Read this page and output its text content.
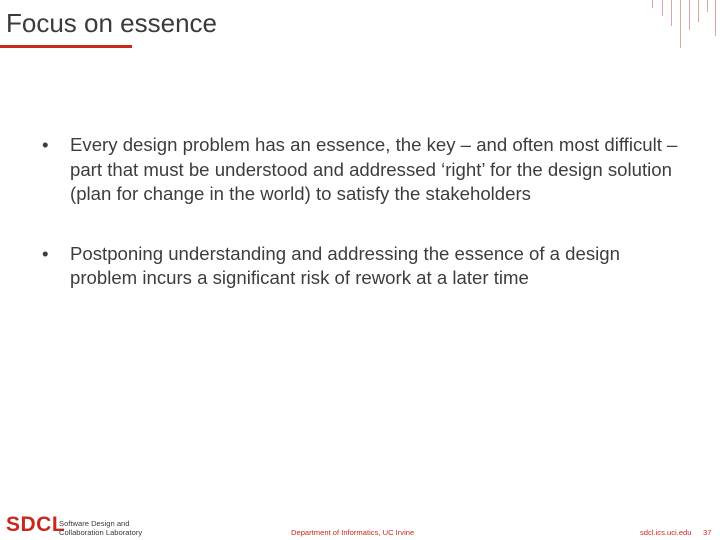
Focus on essence
• Every design problem has an essence, the key – and often most difficult – part that must be understood and addressed ‘right’ for the design solution (plan for change in the world) to satisfy the stakeholders
• Postponing understanding and addressing the essence of a design problem incurs a significant risk of rework at a later time
SDCL
Software Design and
Collaboration Laboratory	Department of Informatics, UC Irvine	sdcl.ics.uci.edu 37
